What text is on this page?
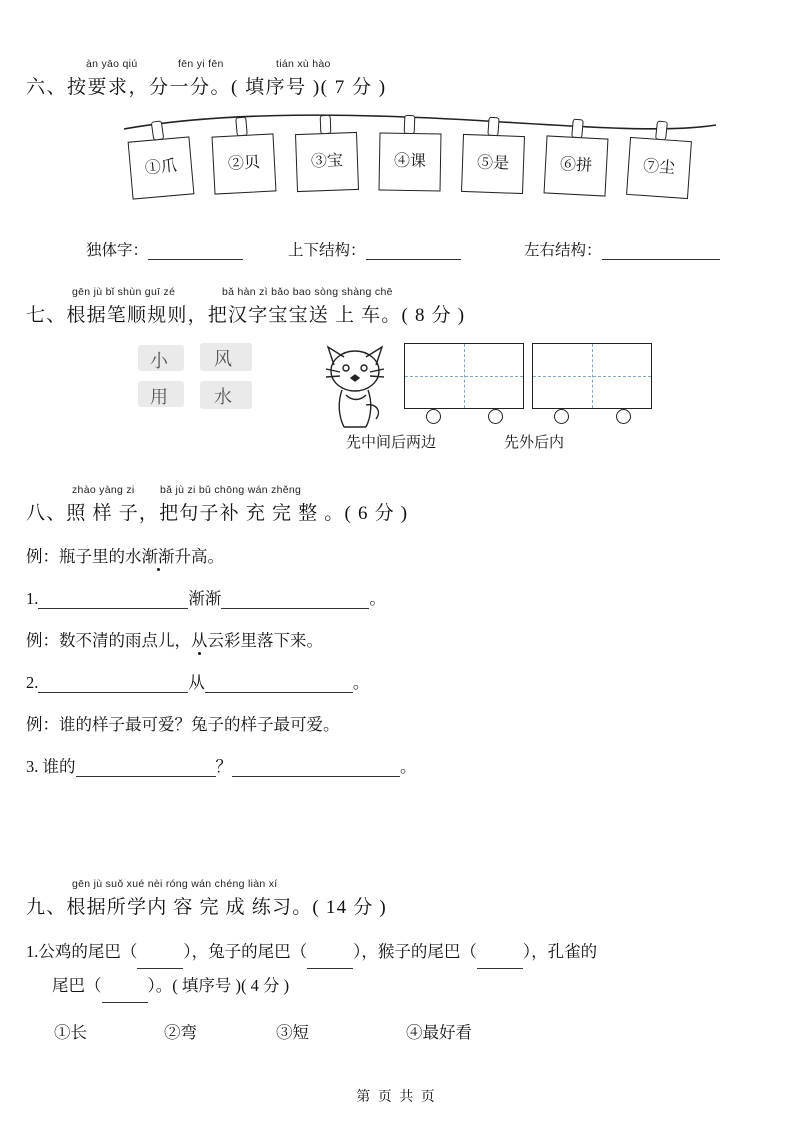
àn yāo qiú	fēn yi fēn	tián xù hào
六、按要求，分一分。( 填序号 )( 7 分 )
①爪	②贝	③宝	④课	⑤是	⑥拼	⑦尘
独体字：	上下结构：	左右结构：
gēn jù bǐ shùn guī zé	bǎ hàn zì bǎo bao sòng shàng chē
七、根据笔顺规则，把汉字宝宝送 上 车。( 8 分 )
小	风
用	水
先中间后两边	先外后内
zhào yàng zi bǎ jù zi bǔ chōng wán zhěng
八、照 样 子，把句子补 充 完 整 。( 6 分 )
例：瓶子里的水渐渐升高。
1.	渐渐	。
例：数不清的雨点儿，从云彩里落下来。
2.	从	。
例：谁的样子最可爱？兔子的样子最可爱。
3. 谁的	？	。
gēn jù suǒ xué nèi róng wán chéng liàn xí
九、根据所学内 容 完 成 练习。( 14 分 )
1.公鸡的尾巴（	），兔子的尾巴（	），猴子的尾巴（	），孔雀的
尾巴（	）。( 填序号 )( 4 分 )
①长	②弯	③短	④最好看
第 页 共 页
